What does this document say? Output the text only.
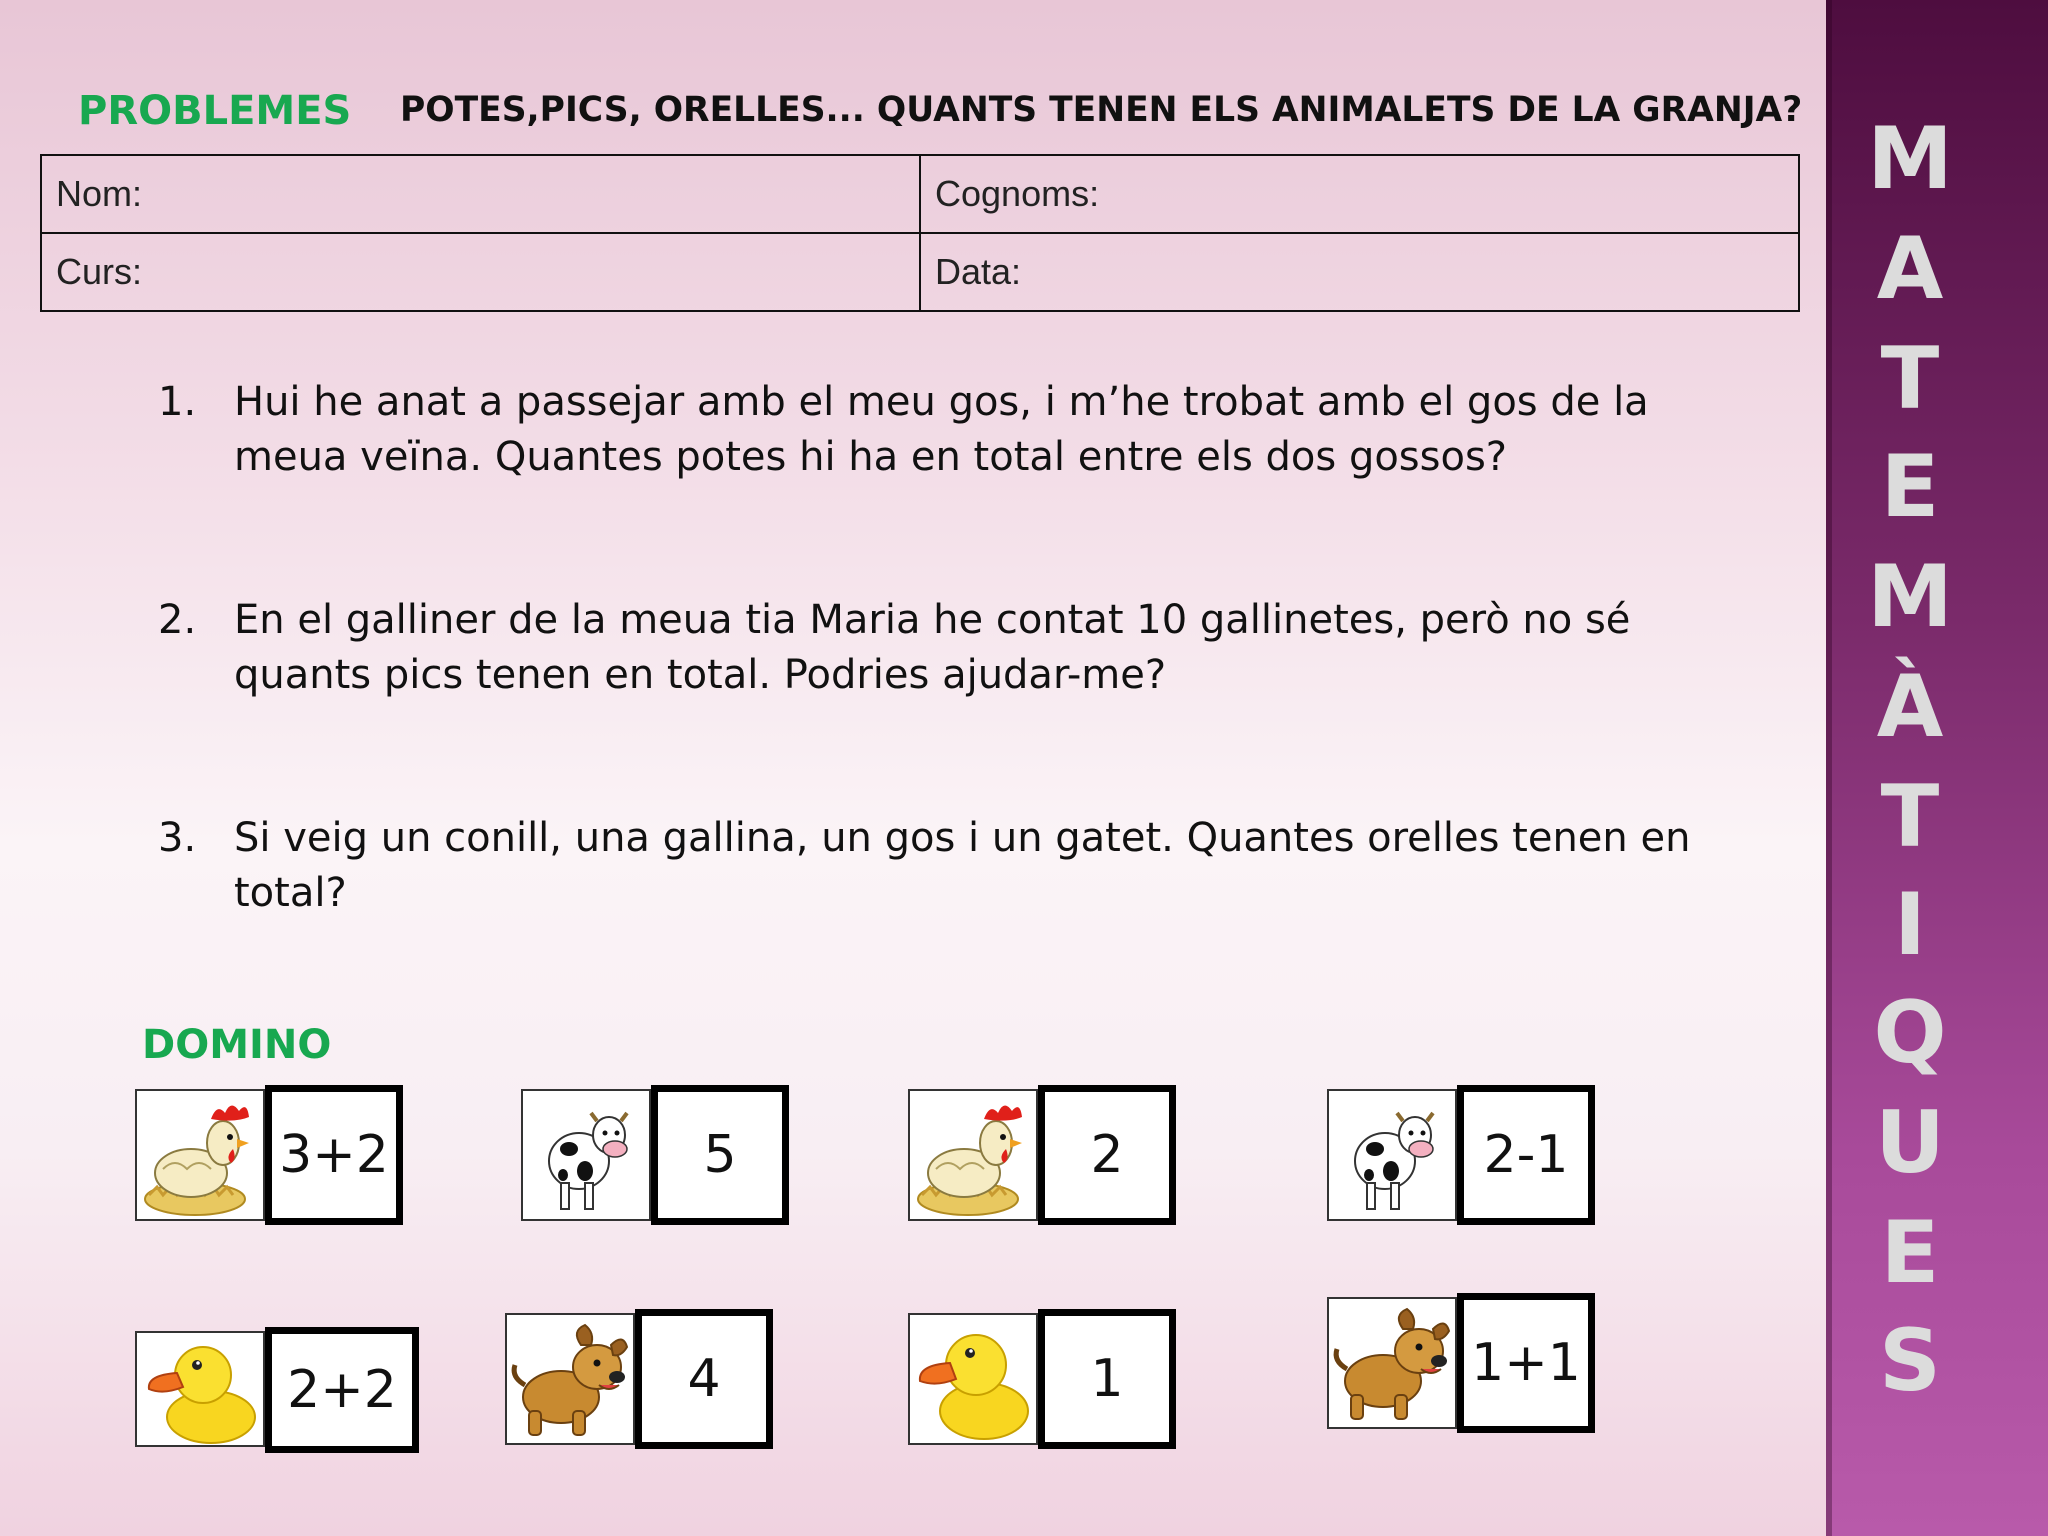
M
A
T
E
M
À
T
I
Q
U
E
S
PROBLEMES POTES,PICS, ORELLES... QUANTS TENEN ELS ANIMALETS DE LA GRANJA?
Nom:	Cognoms:
Curs:	Data:
1. Hui he anat a passejar amb el meu gos, i m’he trobat amb el gos de la meua veïna. Quantes potes hi ha en total entre els dos gossos?
2. En el galliner de la meua tia Maria he contat 10 gallinetes, però no sé quants pics tenen en total. Podries ajudar-me?
3. Si veig un conill, una gallina, un gos i un gatet. Quantes orelles tenen en total?
DOMINO
3+2	5	2	2-1
2+2	4	1	1+1
